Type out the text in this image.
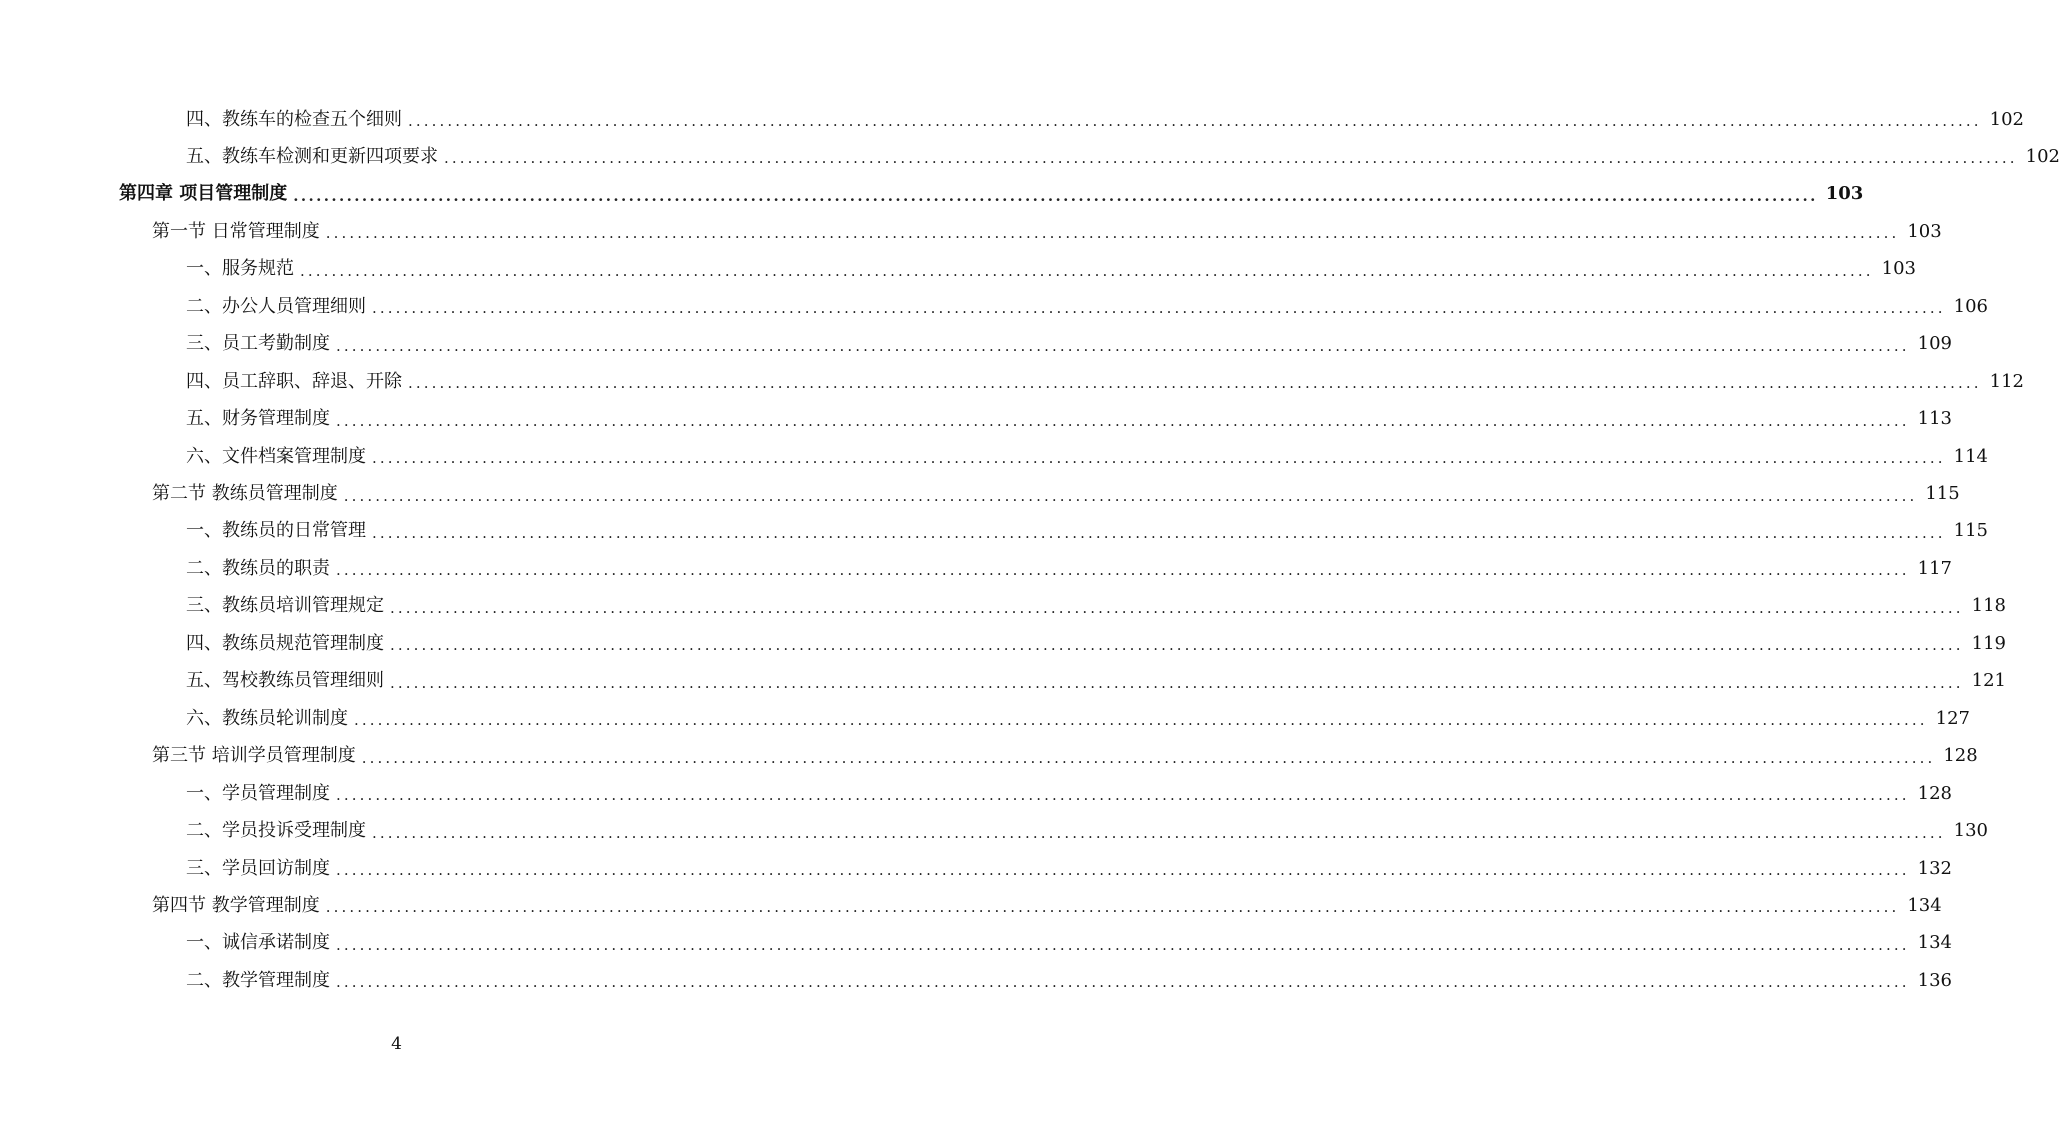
四、教练车的检查五个细则 ........................................................................................................................................................................................................ 102
五、教练车检测和更新四项要求 ........................................................................................................................................................................................................ 102
第四章 项目管理制度 ........................................................................................................................................................................................................ 103
第一节 日常管理制度 ........................................................................................................................................................................................................ 103
一、服务规范 ........................................................................................................................................................................................................ 103
二、办公人员管理细则 ........................................................................................................................................................................................................ 106
三、员工考勤制度 ........................................................................................................................................................................................................ 109
四、员工辞职、辞退、开除 ........................................................................................................................................................................................................ 112
五、财务管理制度 ........................................................................................................................................................................................................ 113
六、文件档案管理制度 ........................................................................................................................................................................................................ 114
第二节 教练员管理制度 ........................................................................................................................................................................................................ 115
一、教练员的日常管理 ........................................................................................................................................................................................................ 115
二、教练员的职责 ........................................................................................................................................................................................................ 117
三、教练员培训管理规定 ........................................................................................................................................................................................................ 118
四、教练员规范管理制度 ........................................................................................................................................................................................................ 119
五、驾校教练员管理细则 ........................................................................................................................................................................................................ 121
六、教练员轮训制度 ........................................................................................................................................................................................................ 127
第三节 培训学员管理制度 ........................................................................................................................................................................................................ 128
一、学员管理制度 ........................................................................................................................................................................................................ 128
二、学员投诉受理制度 ........................................................................................................................................................................................................ 130
三、学员回访制度 ........................................................................................................................................................................................................ 132
第四节 教学管理制度 ........................................................................................................................................................................................................ 134
一、诚信承诺制度 ........................................................................................................................................................................................................ 134
二、教学管理制度 ........................................................................................................................................................................................................ 136
4
